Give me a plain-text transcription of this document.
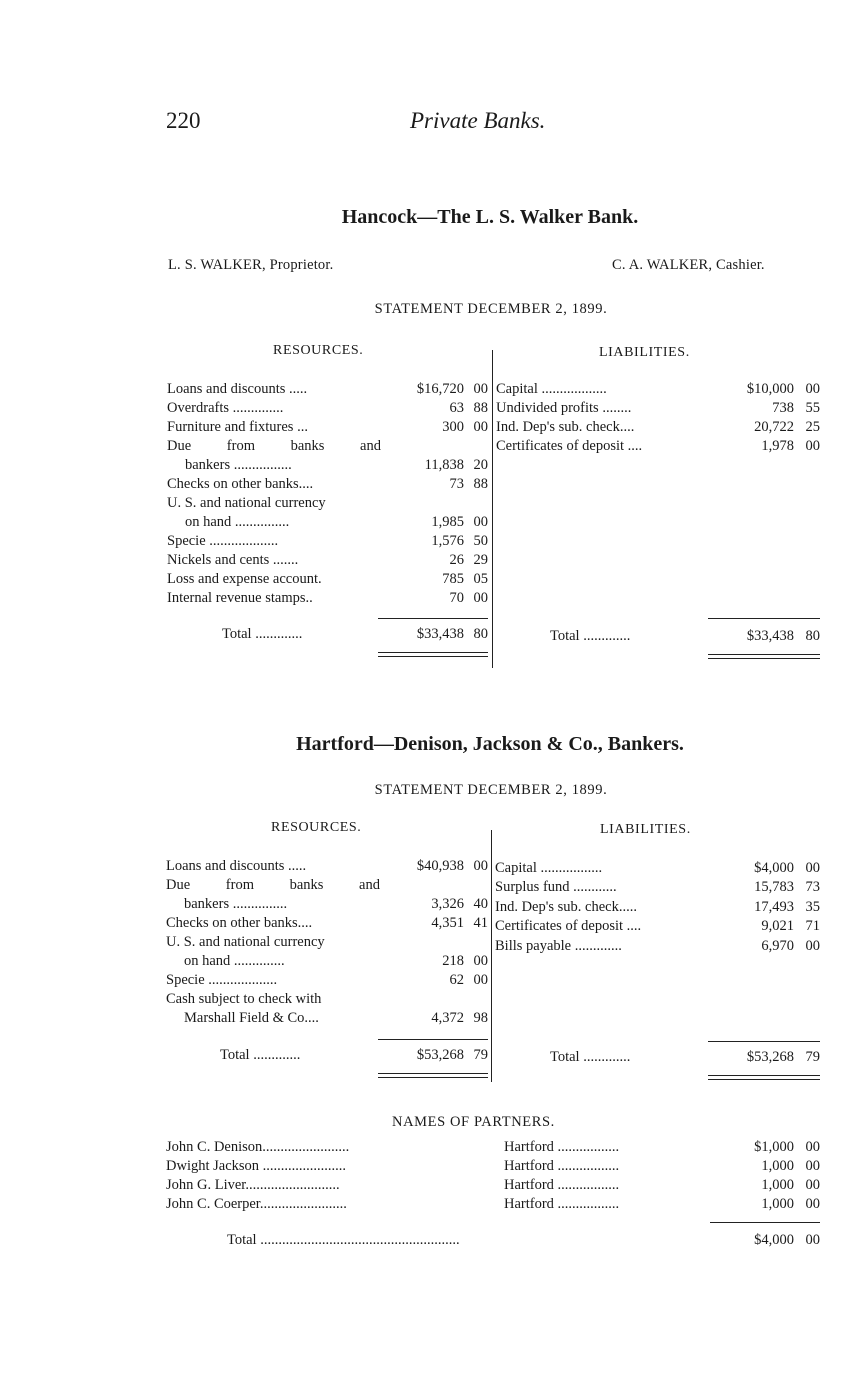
220	Private Banks.
Hancock—The L. S. Walker Bank.
L. S. WALKER, Proprietor.	C. A. WALKER, Cashier.
STATEMENT DECEMBER 2, 1899.
RESOURCES.	LIABILITIES.
Loans and discounts .....	$16,720 00
Overdrafts ..............	63 88
Furniture and fixtures ...	300 00
Due from banks and
bankers ................	11,838 20
Checks on other banks....	73 88
U. S. and national currency
on hand ...............	1,985 00
Specie ...................	1,576 50
Nickels and cents .......	26 29
Loss and expense account.	785 05
Internal revenue stamps..	70 00
Capital ..................	$10,000 00
Undivided profits ........	738 55
Ind. Dep's sub. check....	20,722 25
Certificates of deposit ....	1,978 00
Total .............	$33,438 80	Total .............	$33,438 80
Hartford—Denison, Jackson & Co., Bankers.
STATEMENT DECEMBER 2, 1899.
RESOURCES.	LIABILITIES.
Loans and discounts .....	$40,938 00
Due from banks and
bankers ...............	3,326 40
Checks on other banks....	4,351 41
U. S. and national currency
on hand ..............	218 00
Specie ...................	62 00
Cash subject to check with
Marshall Field & Co....	4,372 98
Capital .................	$4,000 00
Surplus fund ............	15,783 73
Ind. Dep's sub. check.....	17,493 35
Certificates of deposit ....	9,021 71
Bills payable .............	6,970 00
Total .............	$53,268 79	Total .............	$53,268 79
NAMES OF PARTNERS.
John C. Denison........................	Hartford .................	$1,000 00
Dwight Jackson .......................	Hartford .................	1,000 00
John G. Liver..........................	Hartford .................	1,000 00
John C. Coerper........................	Hartford .................	1,000 00
Total .......................................................	$4,000 00
